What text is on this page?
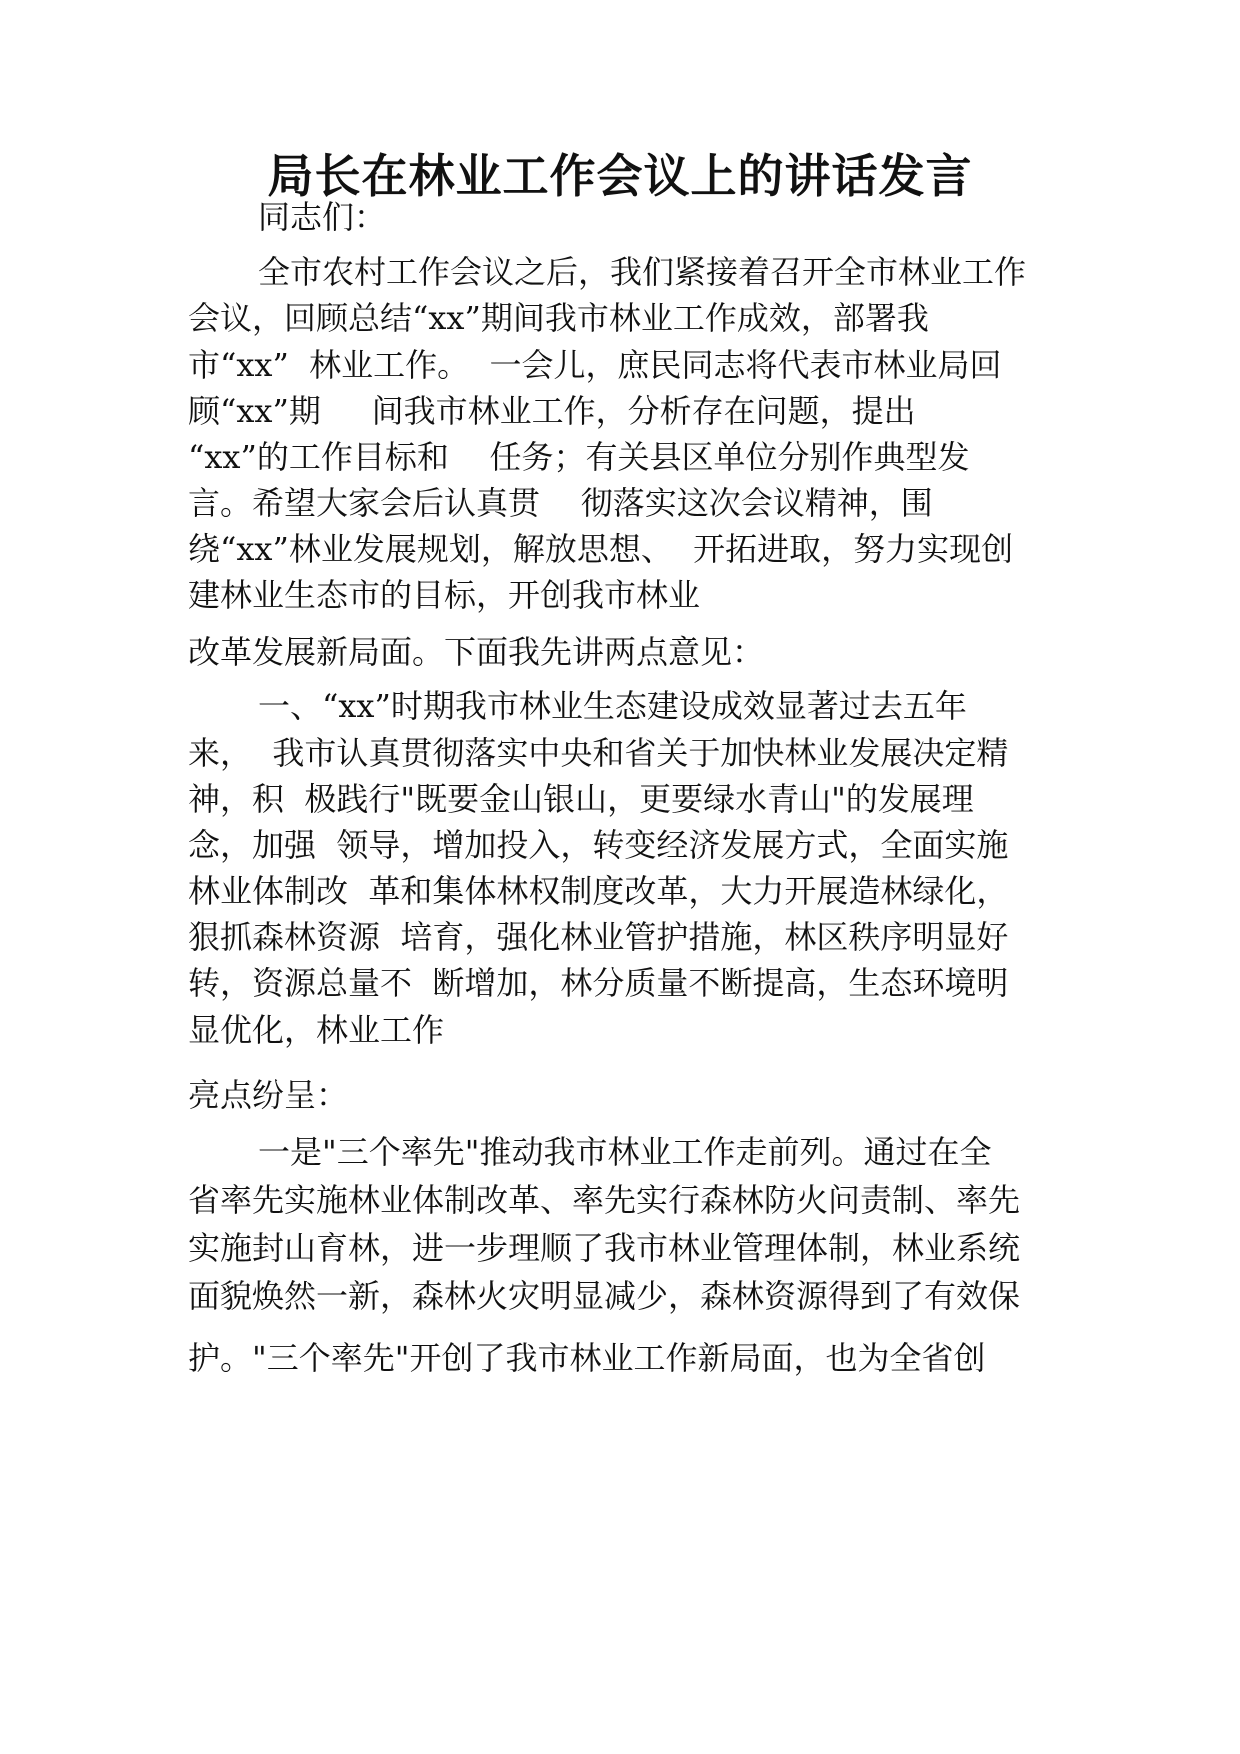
局长在林业工作会议上的讲话发言

同志们：

全市农村工作会议之后，我们紧接着召开全市林业工作

会议，回顾总结“xx”期间我市林业工作成效，部署我

市“xx”  林业工作。  一会儿，庶民同志将代表市林业局回

顾“xx”期     间我市林业工作，分析存在问题，提出

“xx”的工作目标和    任务；有关县区单位分别作典型发

言。希望大家会后认真贯    彻落实这次会议精神，围

绕“xx”林业发展规划，解放思想、  开拓进取，努力实现创

建林业生态市的目标，开创我市林业

改革发展新局面。下面我先讲两点意见：

一、“xx”时期我市林业生态建设成效显著过去五年

来，  我市认真贯彻落实中央和省关于加快林业发展决定精

神，积  极践行"既要金山银山，更要绿水青山"的发展理

念，加强  领导，增加投入，转变经济发展方式，全面实施

林业体制改  革和集体林权制度改革，大力开展造林绿化，

狠抓森林资源  培育，强化林业管护措施，林区秩序明显好

转，资源总量不  断增加，林分质量不断提高，生态环境明

显优化，林业工作

亮点纷呈：

一是"三个率先"推动我市林业工作走前列。通过在全

省率先实施林业体制改革、率先实行森林防火问责制、率先

实施封山育林，进一步理顺了我市林业管理体制，林业系统

面貌焕然一新，森林火灾明显减少，森林资源得到了有效保

护。"三个率先"开创了我市林业工作新局面，也为全省创
